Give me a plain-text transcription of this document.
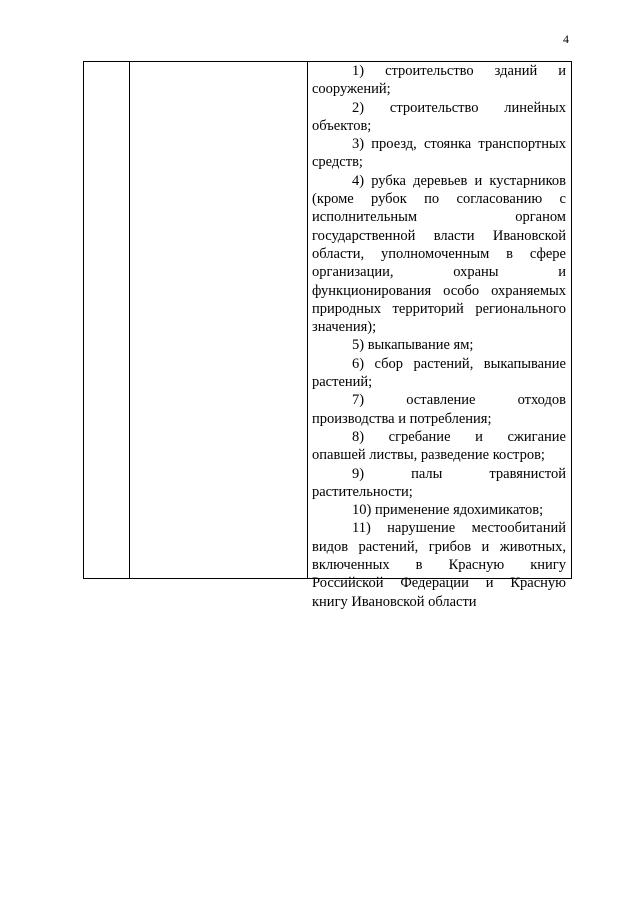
4
1) строительство зданий и
сооружений;
2) строительство линейных
объектов;
3) проезд, стоянка транспортных
средств;
4) рубка деревьев и кустарников
(кроме рубок по согласованию с
исполнительным органом
государственной власти Ивановской
области, уполномоченным в сфере
организации, охраны и
функционирования особо охраняемых
природных территорий регионального
значения);
5) выкапывание ям;
6) сбор растений, выкапывание
растений;
7) оставление отходов
производства и потребления;
8) сгребание и сжигание
опавшей листвы, разведение костров;
9) палы травянистой
растительности;
10) применение ядохимикатов;
11) нарушение местообитаний
видов растений, грибов и животных,
включенных в Красную книгу
Российской Федерации и Красную
книгу Ивановской области
